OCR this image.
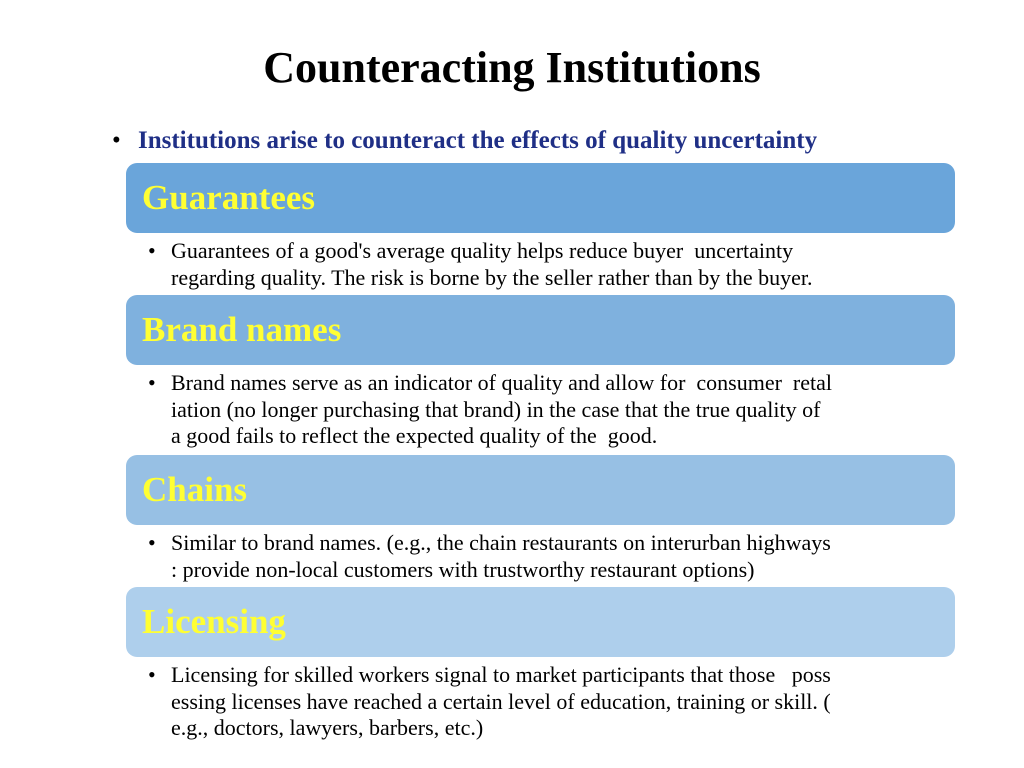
Counteracting Institutions
• Institutions arise to counteract the effects of quality uncertainty
Guarantees
• Guarantees of a good's average quality helps reduce buyer  uncertainty
regarding quality. The risk is borne by the seller rather than by the buyer.
Brand names
• Brand names serve as an indicator of quality and allow for  consumer  retal
iation (no longer purchasing that brand) in the case that the true quality of
a good fails to reflect the expected quality of the  good.
Chains
• Similar to brand names. (e.g., the chain restaurants on interurban highways
: provide non-local customers with trustworthy restaurant options)
Licensing
• Licensing for skilled workers signal to market participants that those   poss
essing licenses have reached a certain level of education, training or skill. (
e.g., doctors, lawyers, barbers, etc.)
